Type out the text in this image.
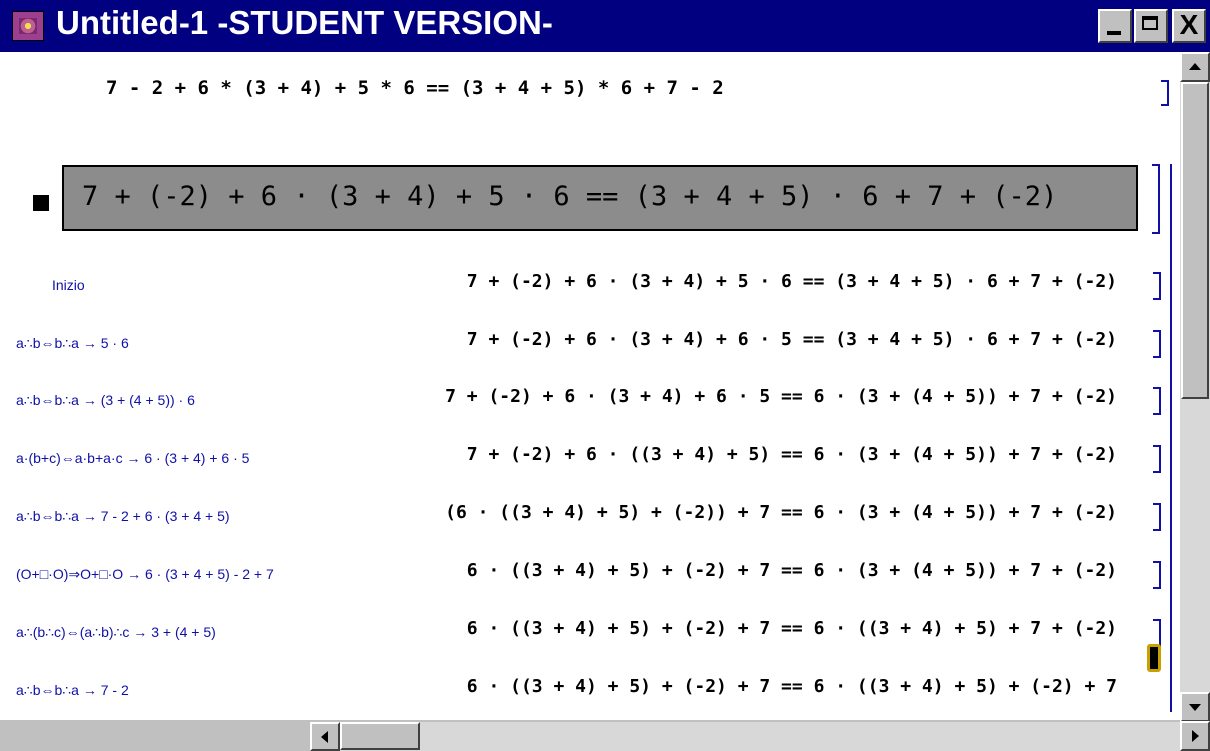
Untitled-1 -STUDENT VERSION-	X
7 - 2 + 6 * (3 + 4) + 5 * 6 == (3 + 4 + 5) * 6 + 7 - 2
7 + (-2) + 6 · (3 + 4) + 5 · 6 == (3 + 4 + 5) · 6 + 7 + (-2)
Inizio	7 + (-2) + 6 · (3 + 4) + 5 · 6 == (3 + 4 + 5) · 6 + 7 + (-2)
a∴b⇔b∴a → 5 · 6	7 + (-2) + 6 · (3 + 4) + 6 · 5 == (3 + 4 + 5) · 6 + 7 + (-2)
a∴b⇔b∴a → (3 + (4 + 5)) · 6	7 + (-2) + 6 · (3 + 4) + 6 · 5 == 6 · (3 + (4 + 5)) + 7 + (-2)
a·(b+c)⇔a·b+a·c → 6 · (3 + 4) + 6 · 5	7 + (-2) + 6 · ((3 + 4) + 5) == 6 · (3 + (4 + 5)) + 7 + (-2)
a∴b⇔b∴a → 7 - 2 + 6 · (3 + 4 + 5)	(6 · ((3 + 4) + 5) + (-2)) + 7 == 6 · (3 + (4 + 5)) + 7 + (-2)
(O+□·O)⇒O+□·O → 6 · (3 + 4 + 5) - 2 + 7	6 · ((3 + 4) + 5) + (-2) + 7 == 6 · (3 + (4 + 5)) + 7 + (-2)
a∴(b∴c)⇔(a∴b)∴c → 3 + (4 + 5)	6 · ((3 + 4) + 5) + (-2) + 7 == 6 · ((3 + 4) + 5) + 7 + (-2)
a∴b⇔b∴a → 7 - 2	6 · ((3 + 4) + 5) + (-2) + 7 == 6 · ((3 + 4) + 5) + (-2) + 7
